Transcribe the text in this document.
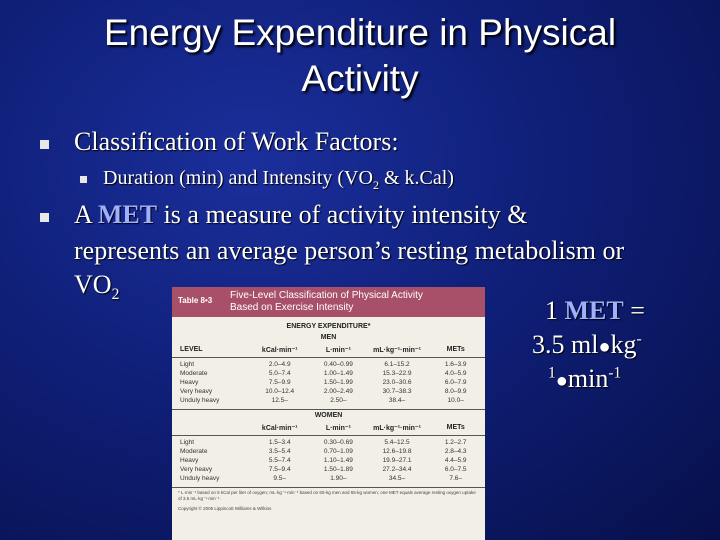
Energy Expenditure in Physical
Activity
Classification of Work Factors:
Duration (min) and Intensity ($VO_2$ & k.Cal)
A MET is a measure of activity intensity &
represents an average person’s resting metabolism or
$VO_2$
1 MET =
3.5 ml●kg-
$^1●\min^{-1}$
Table 8•3 Five-Level Classification of Physical Activity
Based on Exercise Intensity
ENERGY EXPENDITURE*
MEN
LEVEL	kCal·min⁻¹	L·min⁻¹	mL·kg⁻¹·min⁻¹	METs
Light	2.0–4.9	0.40–0.99	6.1–15.2	1.6–3.9
Moderate	5.0–7.4	1.00–1.49	15.3–22.9	4.0–5.9
Heavy	7.5–9.9	1.50–1.99	23.0–30.6	6.0–7.9
Very heavy	10.0–12.4	2.00–2.49	30.7–38.3	8.0–9.9
Unduly heavy	12.5–	2.50–	38.4–	10.0–
WOMEN
kCal·min⁻¹	L·min⁻¹	mL·kg⁻¹·min⁻¹	METs
Light	1.5–3.4	0.30–0.69	5.4–12.5	1.2–2.7
Moderate	3.5–5.4	0.70–1.09	12.6–19.8	2.8–4.3
Heavy	5.5–7.4	1.10–1.49	19.9–27.1	4.4–5.9
Very heavy	7.5–9.4	1.50–1.89	27.2–34.4	6.0–7.5
Unduly heavy	9.5–	1.90–	34.5–	7.6–
* L·min⁻¹ based on 5 kCal per liter of oxygen; mL·kg⁻¹·min⁻¹ based on 65-kg men and 55-kg women; one MET equals average resting oxygen uptake of 3.5 mL·kg⁻¹·min⁻¹.
Copyright © 2005 Lippincott Williams & Wilkins
